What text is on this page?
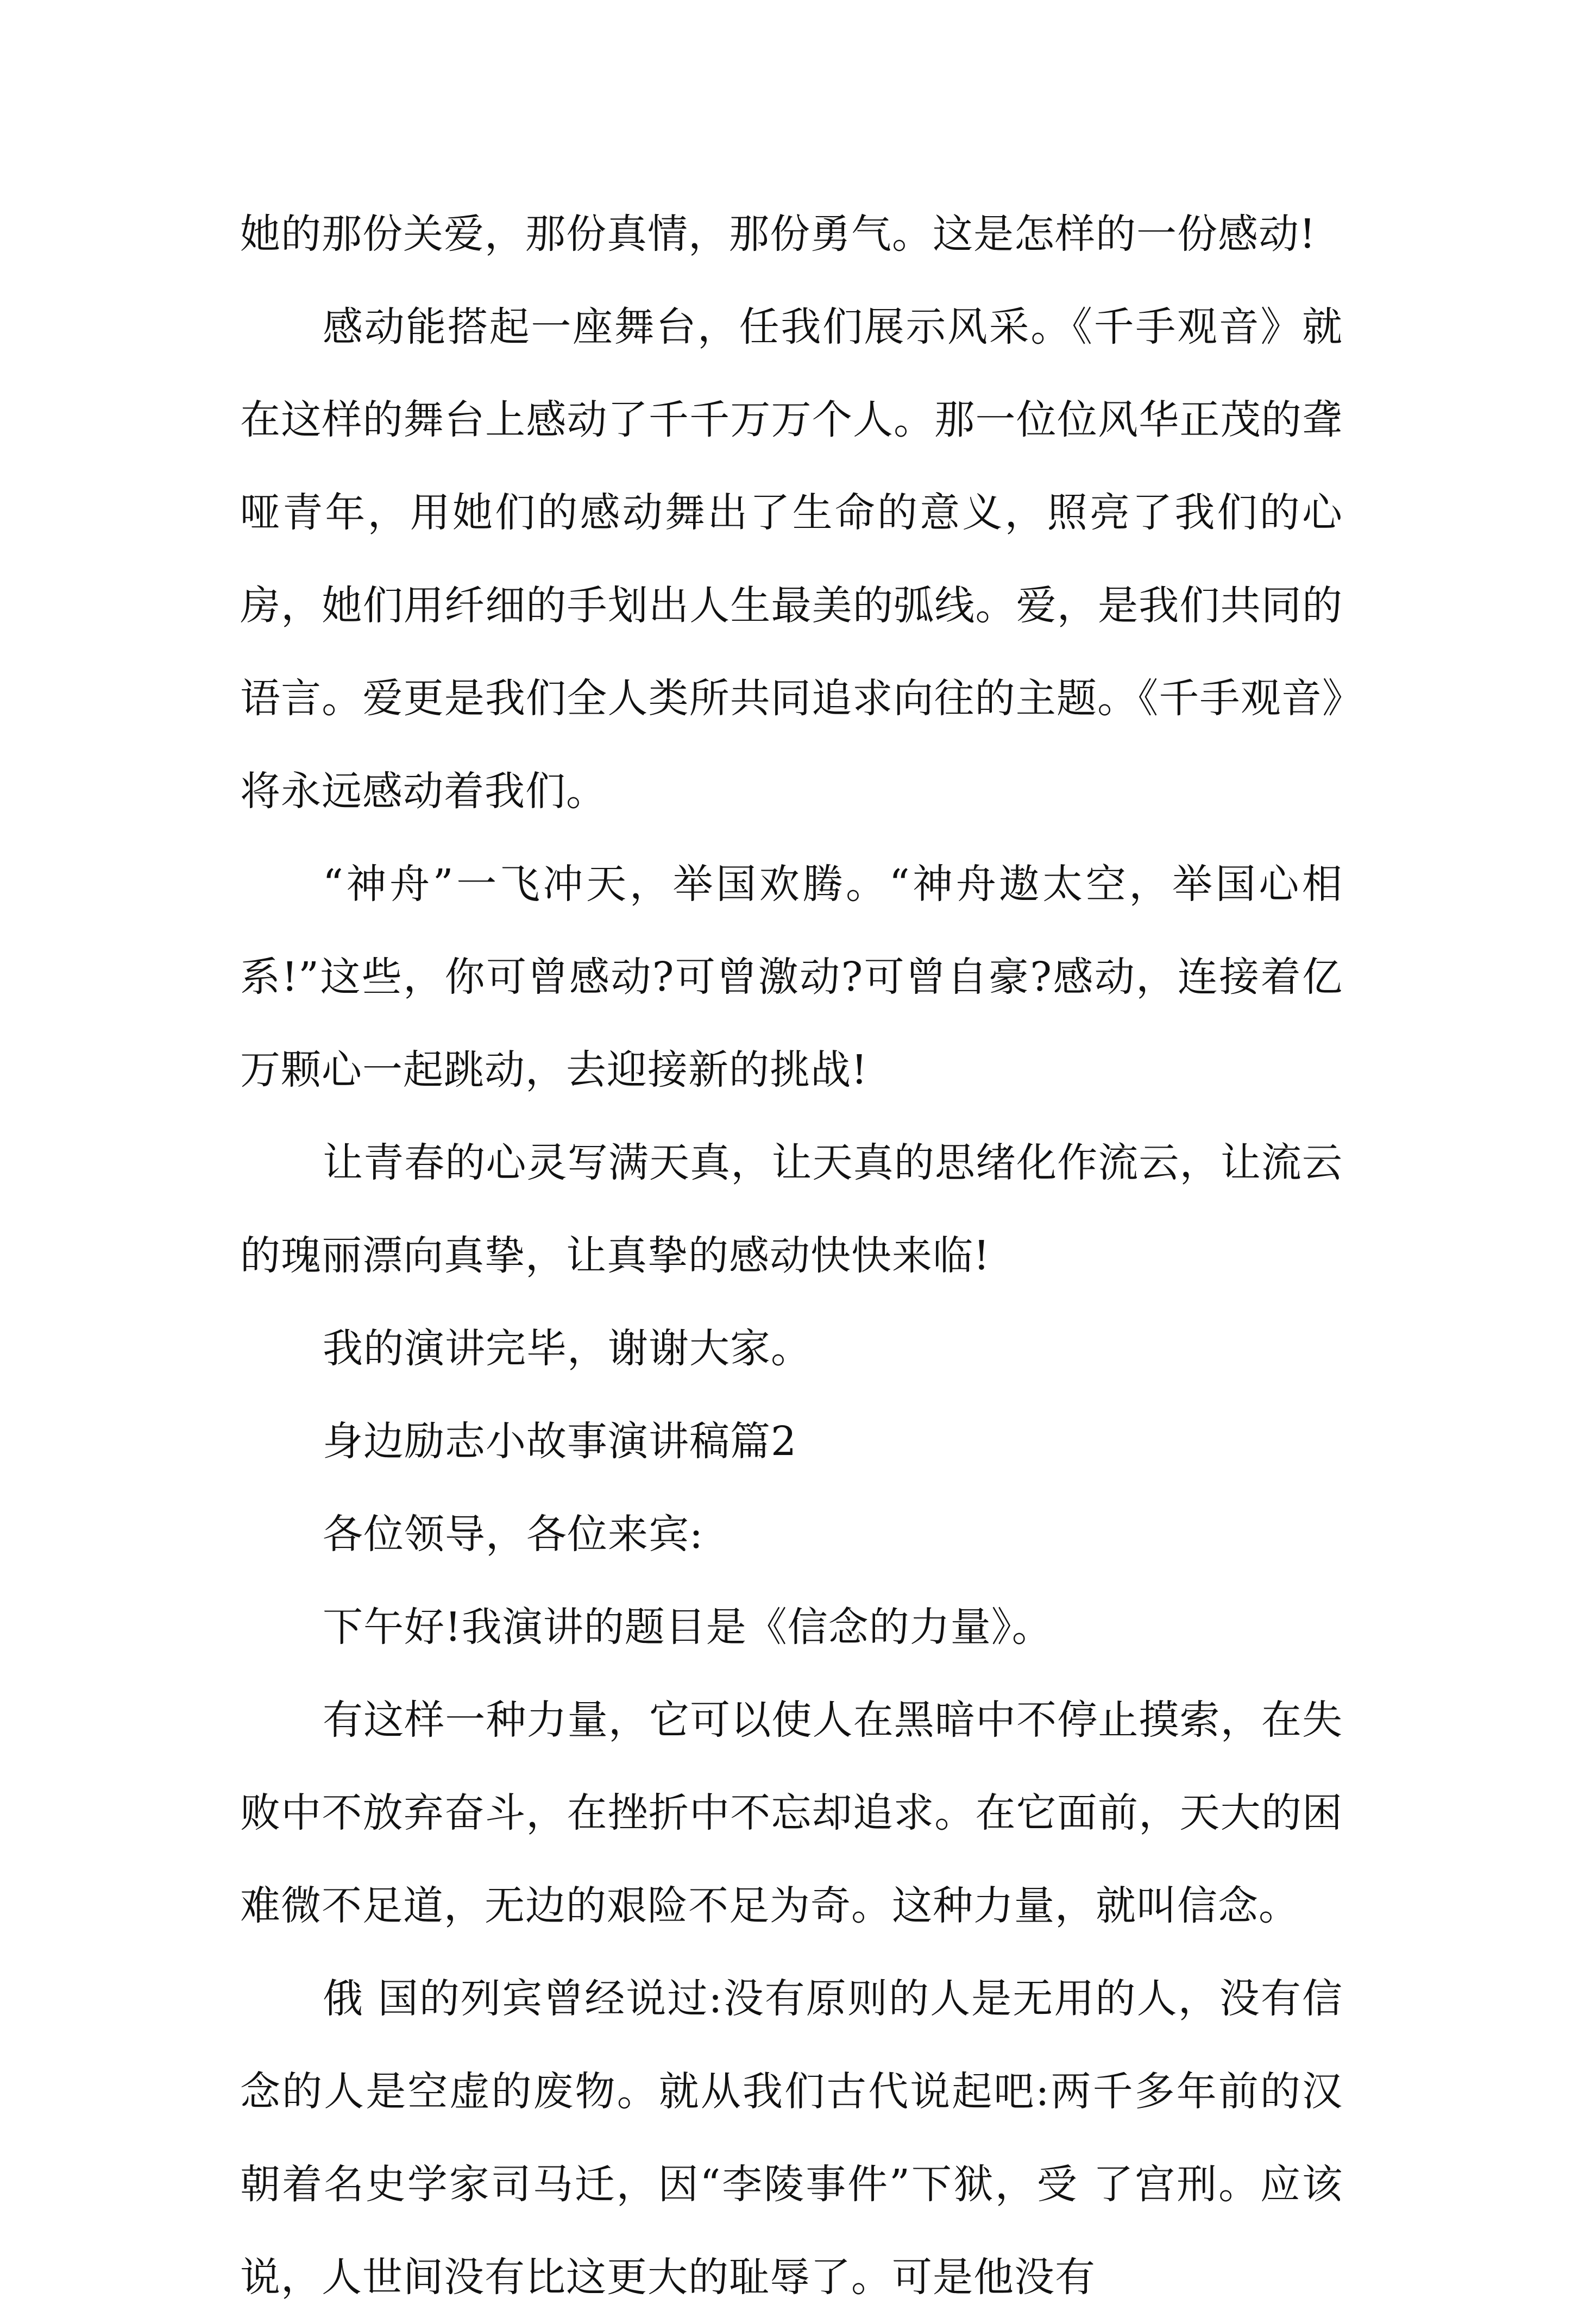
她的那份关爱，那份真情，那份勇气。这是怎样的一份感动!

感动能搭起一座舞台，任我们展示风采。《千手观音》就在这样的舞台上感动了千千万万个人。那一位位风华正茂的聋哑青年，用她们的感动舞出了生命的意义，照亮了我们的心房，她们用纤细的手划出人生最美的弧线。爱，是我们共同的语言。爱更是我们全人类所共同追求向往的主题。《千手观音》将永远感动着我们。

“神舟”一飞冲天，举国欢腾。“神舟遨太空，举国心相系!”这些，你可曾感动?可曾激动?可曾自豪?感动，连接着亿万颗心一起跳动，去迎接新的挑战!

让青春的心灵写满天真，让天真的思绪化作流云，让流云的瑰丽漂向真挚，让真挚的感动快快来临!

我的演讲完毕，谢谢大家。

身边励志小故事演讲稿篇2

各位领导，各位来宾:

下午好!我演讲的题目是《信念的力量》。

有这样一种力量，它可以使人在黑暗中不停止摸索，在失败中不放弃奋斗，在挫折中不忘却追求。在它面前，天大的困难微不足道，无边的艰险不足为奇。这种力量，就叫信念。

俄 国的列宾曾经说过:没有原则的人是无用的人，没有信念的人是空虚的废物。就从我们古代说起吧:两千多年前的汉朝着名史学家司马迁，因“李陵事件”下狱，受 了宫刑。应该说，人世间没有比这更大的耻辱了。可是他没有
